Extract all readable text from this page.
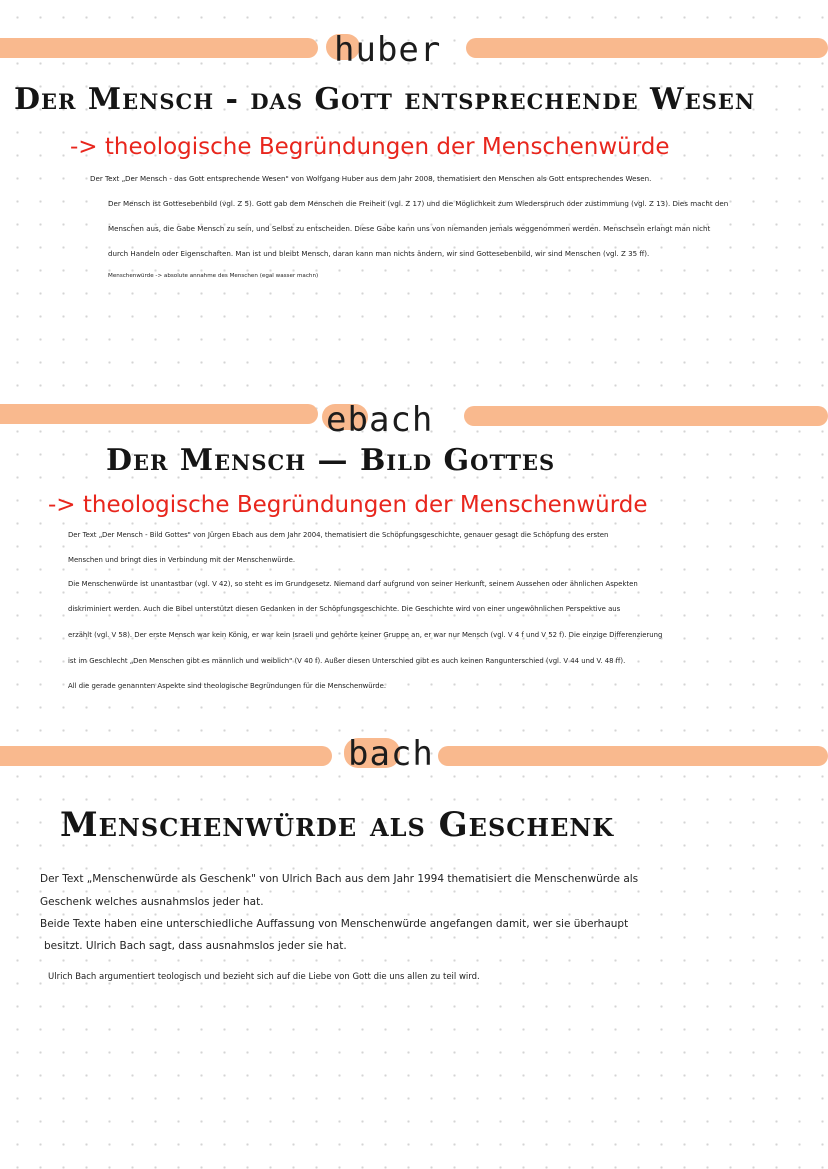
huber
Der Mensch - das Gott entsprechende Wesen
-> theologische Begründungen der Menschenwürde
Der Text „Der Mensch - das Gott entsprechende Wesen" von Wolfgang Huber aus dem Jahr 2008, thematisiert den Menschen als Gott entsprechendes Wesen.
Der Mensch ist Gottesebenbild (vgl. Z 5). Gott gab dem Menschen die Freiheit (vgl. Z 17) und die Möglichkeit zum Wiederspruch oder zustimmung (vgl. Z 13). Dies macht den
Menschen aus, die Gabe Mensch zu sein, und Selbst zu entscheiden. Diese Gabe kann uns von niemanden jemals weggenommen werden. Menschsein erlangt man nicht
durch Handeln oder Eigenschaften. Man ist und bleibt Mensch, daran kann man nichts ändern, wir sind Gottesebenbild, wir sind Menschen (vgl. Z 35 ff).
Menschenwürde -> absolute annahme des Menschen (egal wasser machn)
ebach
Der Mensch — Bild Gottes
-> theologische Begründungen der Menschenwürde
Der Text „Der Mensch - Bild Gottes" von Jürgen Ebach aus dem Jahr 2004, thematisiert die Schöpfungsgeschichte, genauer gesagt die Schöpfung des ersten
Menschen und bringt dies in Verbindung mit der Menschenwürde.
Die Menschenwürde ist unantastbar (vgl. V 42), so steht es im Grundgesetz. Niemand darf aufgrund von seiner Herkunft, seinem Aussehen oder ähnlichen Aspekten
diskriminiert werden. Auch die Bibel unterstützt diesen Gedanken in der Schöpfungsgeschichte. Die Geschichte wird von einer ungewöhnlichen Perspektive aus
erzählt (vgl. V 58). Der erste Mensch war kein König, er war kein Israeli und gehörte keiner Gruppe an, er war nur Mensch (vgl. V 4 f und V 52 f). Die einzige Differenzierung
ist im Geschlecht „Den Menschen gibt es männlich und weiblich" (V 40 f). Außer diesen Unterschied gibt es auch keinen Rangunterschied (vgl. V 44 und V. 48 ff).
All die gerade genannten Aspekte sind theologische Begründungen für die Menschenwürde.
bach
Menschenwürde als Geschenk
Der Text „Menschenwürde als Geschenk" von Ulrich Bach aus dem Jahr 1994 thematisiert die Menschenwürde als
Geschenk welches ausnahmslos jeder hat.
Beide Texte haben eine unterschiedliche Auffassung von Menschenwürde angefangen damit, wer sie überhaupt
besitzt. Ulrich Bach sagt, dass ausnahmslos jeder sie hat.
Ulrich Bach argumentiert teologisch und bezieht sich auf die Liebe von Gott die uns allen zu teil wird.
